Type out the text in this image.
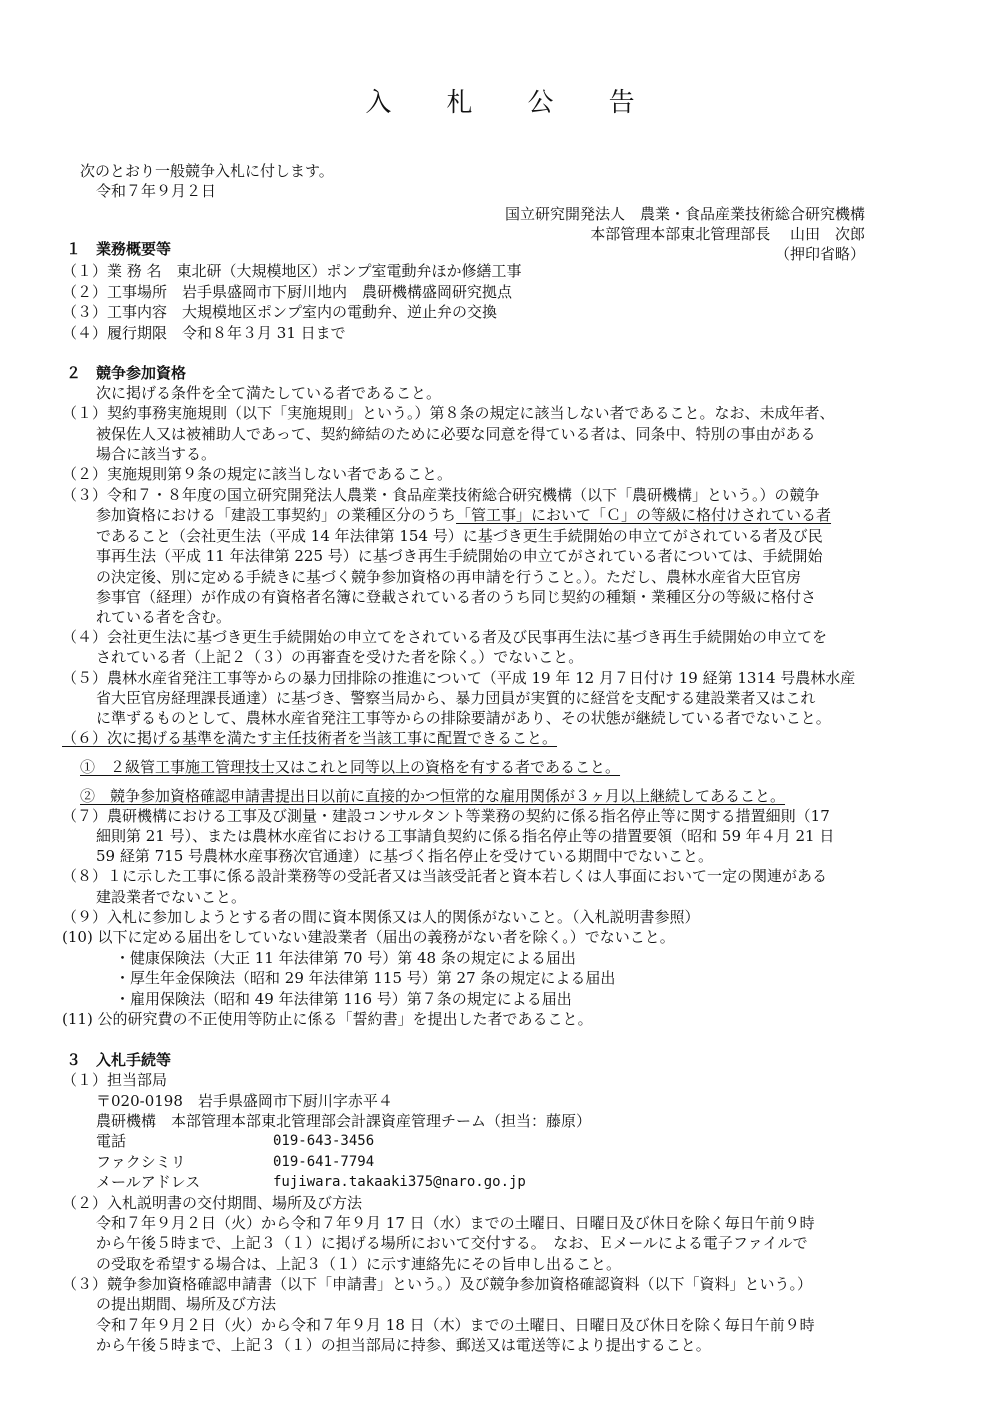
入 札 公 告
次のとおり一般競争入札に付します。
令和７年９月２日
国立研究開発法人　農業・食品産業技術総合研究機構
本部管理本部東北管理部長　 山田　次郎
（押印省略）
１　業務概要等
（１）業 務 名　東北研（大規模地区）ポンプ室電動弁ほか修繕工事
（２）工事場所　岩手県盛岡市下厨川地内　農研機構盛岡研究拠点
（３）工事内容　大規模地区ポンプ室内の電動弁、逆止弁の交換
（４）履行期限　令和８年３月 31 日まで
２　競争参加資格
次に掲げる条件を全て満たしている者であること。
（１）契約事務実施規則（以下「実施規則」という。）第８条の規定に該当しない者であること。なお、未成年者、
被保佐人又は被補助人であって、契約締結のために必要な同意を得ている者は、同条中、特別の事由がある
場合に該当する。
（２）実施規則第９条の規定に該当しない者であること。
（３）令和７・８年度の国立研究開発法人農業・食品産業技術総合研究機構（以下「農研機構」という。）の競争
参加資格における「建設工事契約」の業種区分のうち「管工事」において「Ｃ」の等級に格付けされている者
であること（会社更生法（平成 14 年法律第 154 号）に基づき更生手続開始の申立てがされている者及び民
事再生法（平成 11 年法律第 225 号）に基づき再生手続開始の申立てがされている者については、手続開始
の決定後、別に定める手続きに基づく競争参加資格の再申請を行うこと。）。ただし、農林水産省大臣官房
参事官（経理）が作成の有資格者名簿に登載されている者のうち同じ契約の種類・業種区分の等級に格付さ
れている者を含む。
（４）会社更生法に基づき更生手続開始の申立てをされている者及び民事再生法に基づき再生手続開始の申立てを
されている者（上記２（３）の再審査を受けた者を除く。）でないこと。
（５）農林水産省発注工事等からの暴力団排除の推進について（平成 19 年 12 月７日付け 19 経第 1314 号農林水産
省大臣官房経理課長通達）に基づき、警察当局から、暴力団員が実質的に経営を支配する建設業者又はこれ
に準ずるものとして、農林水産省発注工事等からの排除要請があり、その状態が継続している者でないこと。
（６）次に掲げる基準を満たす主任技術者を当該工事に配置できること。
①　２級管工事施工管理技士又はこれと同等以上の資格を有する者であること。
②　競争参加資格確認申請書提出日以前に直接的かつ恒常的な雇用関係が３ヶ月以上継続してあること。
（７）農研機構における工事及び測量・建設コンサルタント等業務の契約に係る指名停止等に関する措置細則（17
細則第 21 号）、または農林水産省における工事請負契約に係る指名停止等の措置要領（昭和 59 年４月 21 日
59 経第 715 号農林水産事務次官通達）に基づく指名停止を受けている期間中でないこと。
（８）１に示した工事に係る設計業務等の受託者又は当該受託者と資本若しくは人事面において一定の関連がある
建設業者でないこと。
（９）入札に参加しようとする者の間に資本関係又は人的関係がないこと。（入札説明書参照）
(10) 以下に定める届出をしていない建設業者（届出の義務がない者を除く。）でないこと。
・健康保険法（大正 11 年法律第 70 号）第 48 条の規定による届出
・厚生年金保険法（昭和 29 年法律第 115 号）第 27 条の規定による届出
・雇用保険法（昭和 49 年法律第 116 号）第７条の規定による届出
(11) 公的研究費の不正使用等防止に係る「誓約書」を提出した者であること。
３　入札手続等
（１）担当部局
〒020-0198　岩手県盛岡市下厨川字赤平４
農研機構　本部管理本部東北管理部会計課資産管理チーム（担当：藤原）
電話	019-643-3456
ファクシミリ	019-641-7794
メールアドレス	fujiwara.takaaki375@naro.go.jp
（２）入札説明書の交付期間、場所及び方法
令和７年９月２日（火）から令和７年９月 17 日（水）までの土曜日、日曜日及び休日を除く毎日午前９時
から午後５時まで、上記３（１）に掲げる場所において交付する。　なお、Ｅメールによる電子ファイルで
の受取を希望する場合は、上記３（１）に示す連絡先にその旨申し出ること。
（３）競争参加資格確認申請書（以下「申請書」という。）及び競争参加資格確認資料（以下「資料」という。）
の提出期間、場所及び方法
令和７年９月２日（火）から令和７年９月 18 日（木）までの土曜日、日曜日及び休日を除く毎日午前９時
から午後５時まで、上記３（１）の担当部局に持参、郵送又は電送等により提出すること。
